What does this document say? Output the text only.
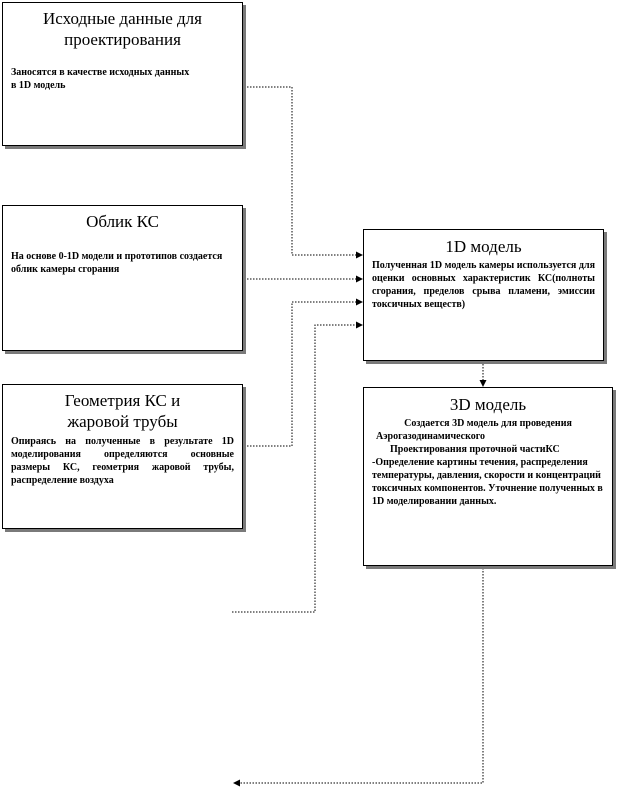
Исходные данные для проектирования
Заносятся в качестве исходных данных в 1D модель
Облик КС
На основе 0-1D модели и прототипов создается облик камеры сгорания
Геометрия КС и жаровой трубы
Опираясь на полученные в результате 1D моделирования определяются основные размеры КС, геометрия жаровой трубы, распределение воздуха
1D модель
Полученная 1D модель камеры используется для оценки основных характеристик КС(полноты сгорания, пределов срыва пламени, эмиссии токсичных веществ)
3D модель
Создается 3D модель для проведения
Аэрогазодинамического
Проектирования проточной частиКС -Определение картины течения, распределения температуры, давления, скорости и концентраций токсичных компонентов. Уточнение полученных в 1D моделировании данных.
